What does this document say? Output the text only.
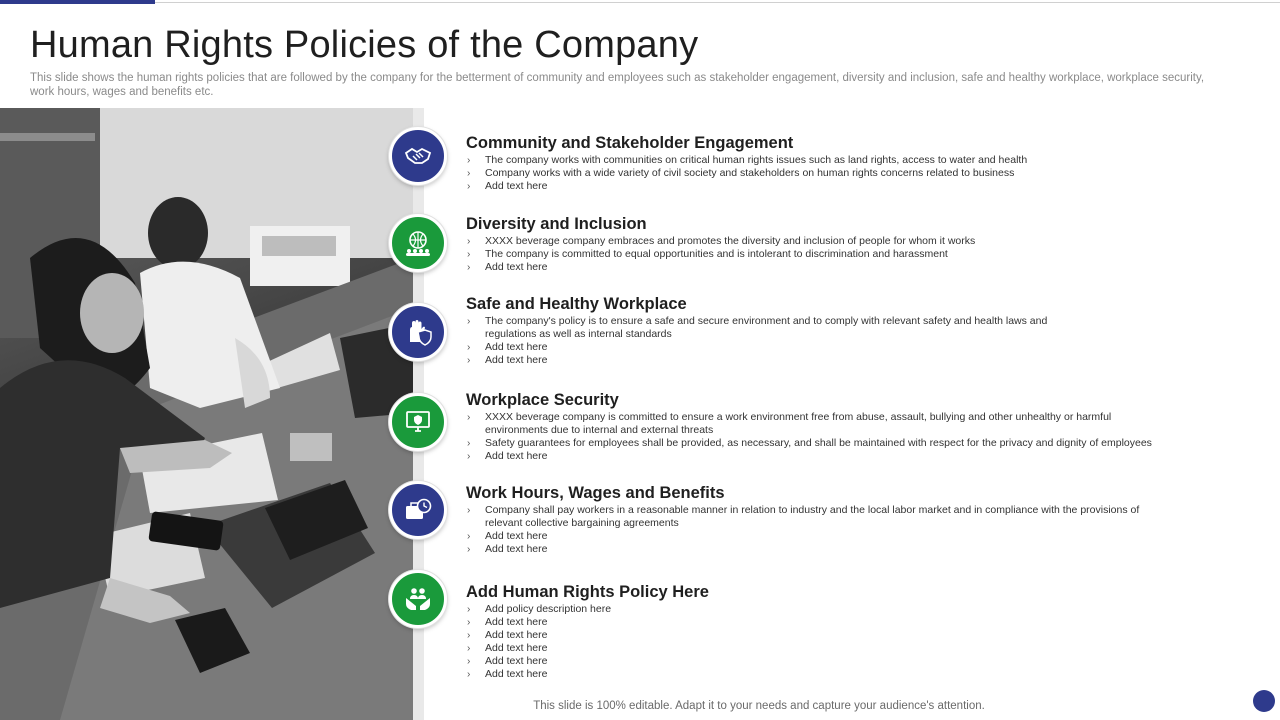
Human Rights Policies of the Company

This slide shows the human rights policies that are followed by the company for the betterment of community and employees such as stakeholder engagement, diversity and inclusion, safe and healthy workplace, workplace security, work hours, wages and benefits etc.

Community and Stakeholder Engagement
› The company works with communities on critical human rights issues such as land rights, access to water and health
› Company works with a wide variety of civil society and stakeholders on human rights concerns related to business
› Add text here
Diversity and Inclusion
› XXXX beverage company embraces and promotes the diversity and inclusion of people for whom it works
› The company is committed to equal opportunities and is intolerant to discrimination and harassment
› Add text here
Safe and Healthy Workplace
› The company's policy is to ensure a safe and secure environment and to comply with relevant safety and health laws and regulations as well as internal standards
› Add text here
› Add text here
Workplace Security
› XXXX beverage company is committed to ensure a work environment free from abuse, assault, bullying and other unhealthy or harmful environments due to internal and external threats
› Safety guarantees for employees shall be provided, as necessary, and shall be maintained with respect for the privacy and dignity of employees
› Add text here
Work Hours, Wages and Benefits
› Company shall pay workers in a reasonable manner in relation to industry and the local labor market and in compliance with the provisions of relevant collective bargaining agreements
› Add text here
› Add text here
Add Human Rights Policy Here
› Add policy description here
› Add text here
› Add text here
› Add text here
› Add text here
› Add text here
This slide is 100% editable. Adapt it to your needs and capture your audience's attention.
